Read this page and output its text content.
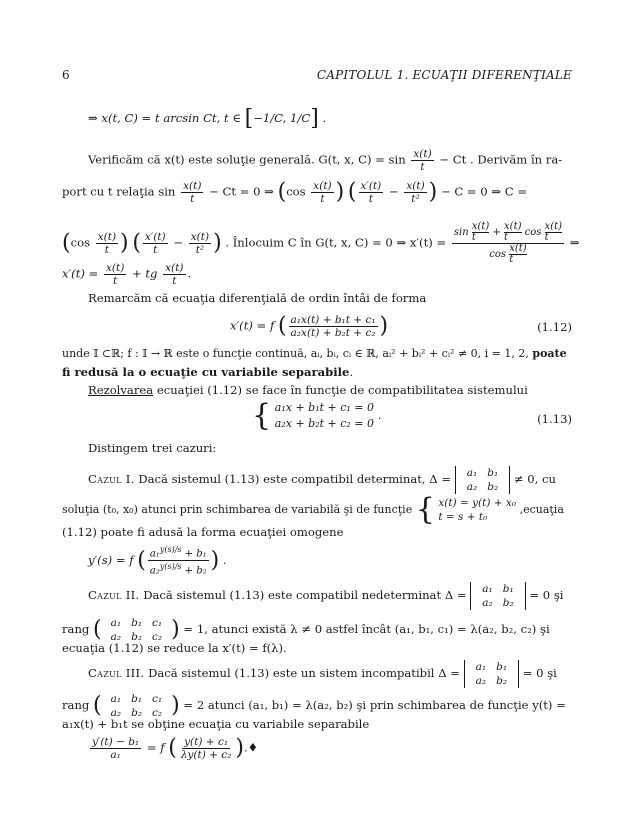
6	CAPITOLUL 1. ECUAŢII DIFERENŢIALE
⇒ x(t, C) = t arcsin Ct, t ∈ [−1/C, 1/C] .
Verificăm că x(t) este soluţie generală. G(t, x, $C) = \sin \frac{x(t)}{t} - Ct$ . Derivăm în ra-
port cu t relaţia $\sin \frac{x(t)}{t} - Ct = 0$ ⇒ ($\cos \frac{x(t)}{t}$ ) ( $\frac{x'(t)}{t} - \frac{x(t)}{\text{t²}}$ ) − C = 0 ⇒ C =
($\cos \frac{x(t)}{t}$ ) ( $\frac{x'(t)}{t} - \frac{x(t)}{\text{t²}}$ ) . Înlocuim C în G(t, x, C) = 0 ⇒ $x'(t) = \frac{\sin \frac{x(t)}{t} + \frac{x(t)}{t} \cos \frac{x(t)}{t}}{\cos \frac{x(t)}{t}}$ ⇒
$x'(t) = \frac{x(t)}{t}$ + tg $\frac{x(t)}{t}$ .
Remarcăm că ecuaţia diferenţială de ordin întâi de forma
x′(t) = f ( $\frac{\text{a₁x(t) + b₁t + c₁}}{\text{a₂x(t) + b₂t + c₂}}$ )	(1.12)
unde 𝕀 ⊂ℝ; f : 𝕀 → ℝ este o funcţie continuă, aᵢ, bᵢ, cᵢ ∈ ℝ, aᵢ² + bᵢ² + cᵢ² ≠ 0, i = 1, 2, poate
fi redusă la o ecuaţie cu variabile separabile.
Rezolvarea ecuaţiei (1.12) se face în funcţie de compatibilitatea sistemului
{ a₁x + b₁t + c₁ = 0
a₂x + b₂t + c₂ = 0 .	(1.13)
Distingem trei cazuri:
Cazul I. Dacă sistemul (1.13) este compatibil determinat, Δ = a₁	b₁
a₂	b₂ ≠ 0, cu
soluţia (t₀, x₀) atunci prin schimbarea de variabilă şi de funcţie { x(t) = y(t) + x₀
t = s + t₀ ,ecuaţia
(1.12) poate fi adusă la forma ecuaţiei omogene
y′(s) = f ( $\frac{a_1^{y(s)/s} + b_1}{a_2^{y(s)/s} + b_2}$ ) .
Cazul II. Dacă sistemul (1.13) este compatibil nedeterminat Δ = a₁	b₁
a₂	b₂ = 0 şi
rang ( a₁	b₁	c₁
a₂	b₂	c₂ ) = 1, atunci există λ ≠ 0 astfel încât (a₁, b₁, c₁) = λ(a₂, b₂, c₂) şi
ecuaţia (1.12) se reduce la x′(t) = f(λ).
Cazul III. Dacă sistemul (1.13) este un sistem incompatibil Δ = a₁	b₁
a₂	b₂ = 0 şi
rang ( a₁	b₁	c₁
a₂	b₂	c₂ ) = 2 atunci (a₁, b₁) = λ(a₂, b₂) şi prin schimbarea de funcţie y(t) =
a₁x(t) + b₁t se obţine ecuaţia cu variabile separabile
$\frac{\text{y′(t) − b₁}}{\text{a₁}} = f$ ( $\frac{\text{y(t) + c₁}}{\text{λy(t) + c₂}}$ ).♦
